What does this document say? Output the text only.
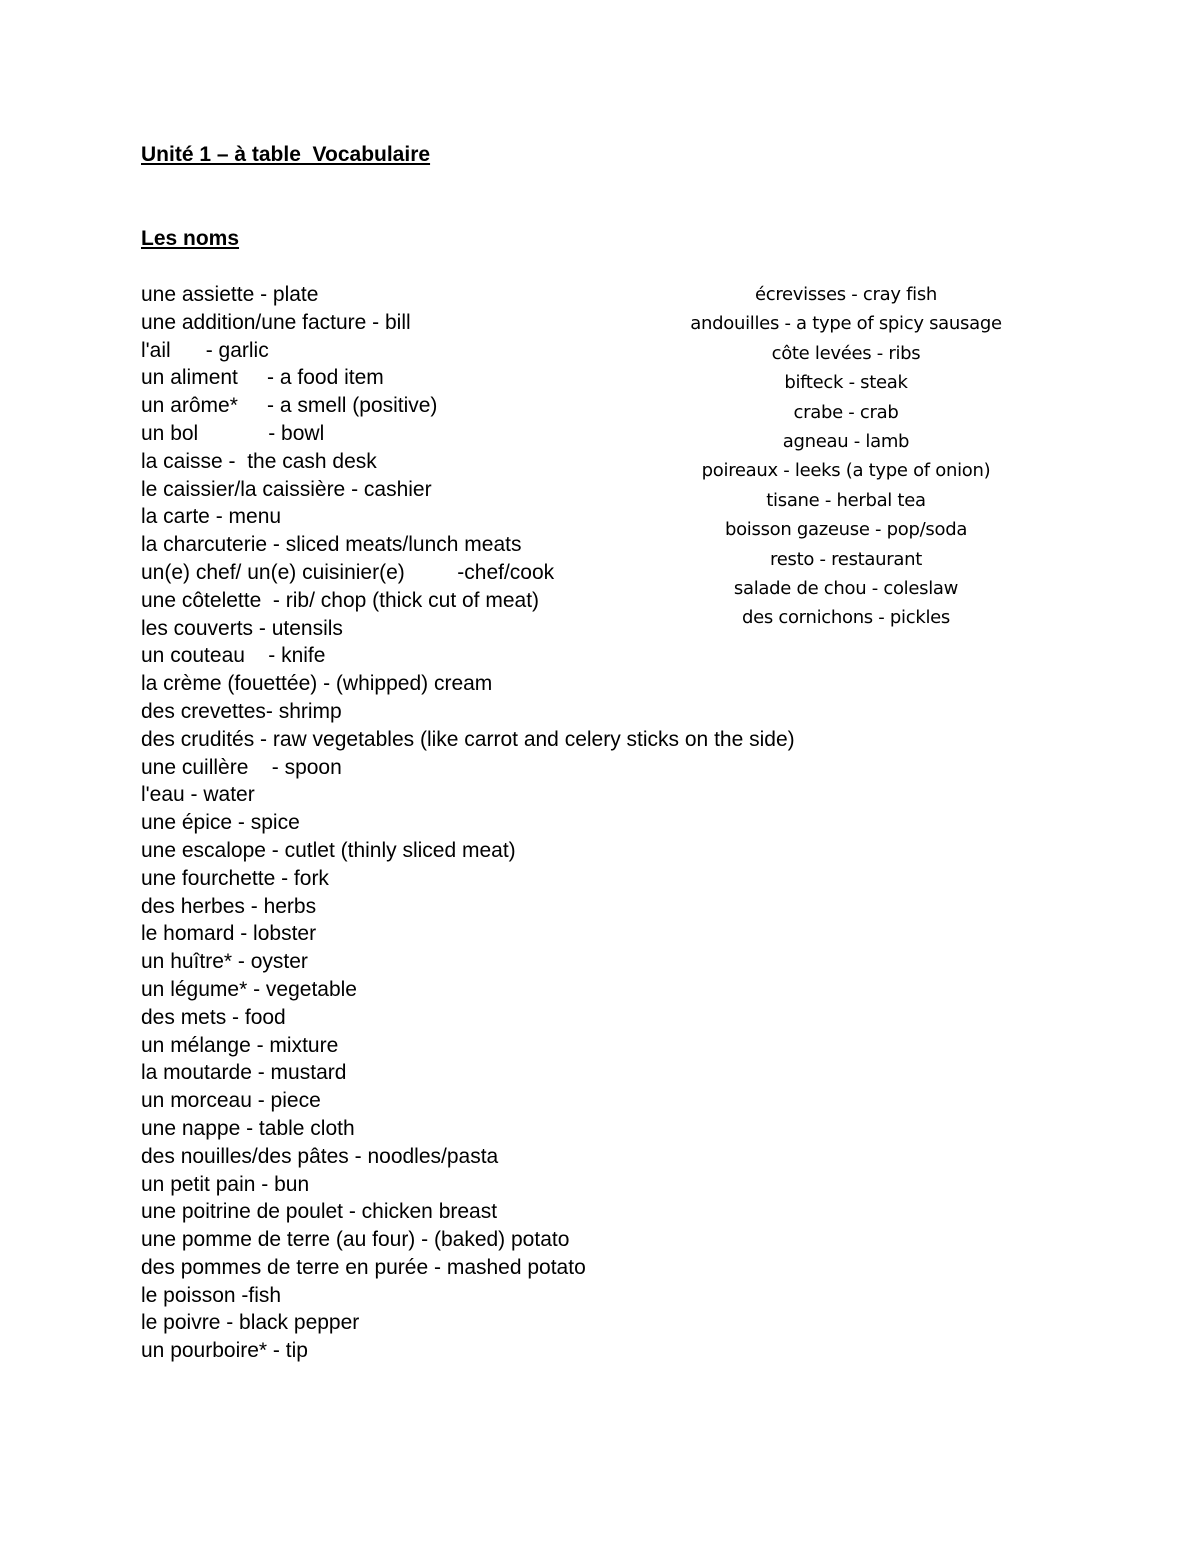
Unité 1 – à table  Vocabulaire
Les noms
une assiette - plate
une addition/une facture - bill
l'ail      - garlic
un aliment     - a food item
un arôme*     - a smell (positive)
un bol            - bowl
la caisse -  the cash desk
le caissier/la caissière - cashier
la carte - menu
la charcuterie - sliced meats/lunch meats
un(e) chef/ un(e) cuisinier(e)         -chef/cook
une côtelette  - rib/ chop (thick cut of meat)
les couverts - utensils
un couteau    - knife
la crème (fouettée) - (whipped) cream
des crevettes- shrimp
des crudités - raw vegetables (like carrot and celery sticks on the side)
une cuillère    - spoon
l'eau - water
une épice - spice
une escalope - cutlet (thinly sliced meat)
une fourchette - fork
des herbes - herbs
le homard - lobster
un huître* - oyster
un légume* - vegetable
des mets - food
un mélange - mixture
la moutarde - mustard
un morceau - piece
une nappe - table cloth
des nouilles/des pâtes - noodles/pasta
un petit pain - bun
une poitrine de poulet - chicken breast
une pomme de terre (au four) - (baked) potato
des pommes de terre en purée - mashed potato
le poisson -fish
le poivre - black pepper
un pourboire* - tip
écrevisses - cray fish
andouilles - a type of spicy sausage
côte levées - ribs
bifteck - steak
crabe - crab
agneau - lamb
poireaux - leeks (a type of onion)
tisane - herbal tea
boisson gazeuse - pop/soda
resto - restaurant
salade de chou - coleslaw
des cornichons - pickles
